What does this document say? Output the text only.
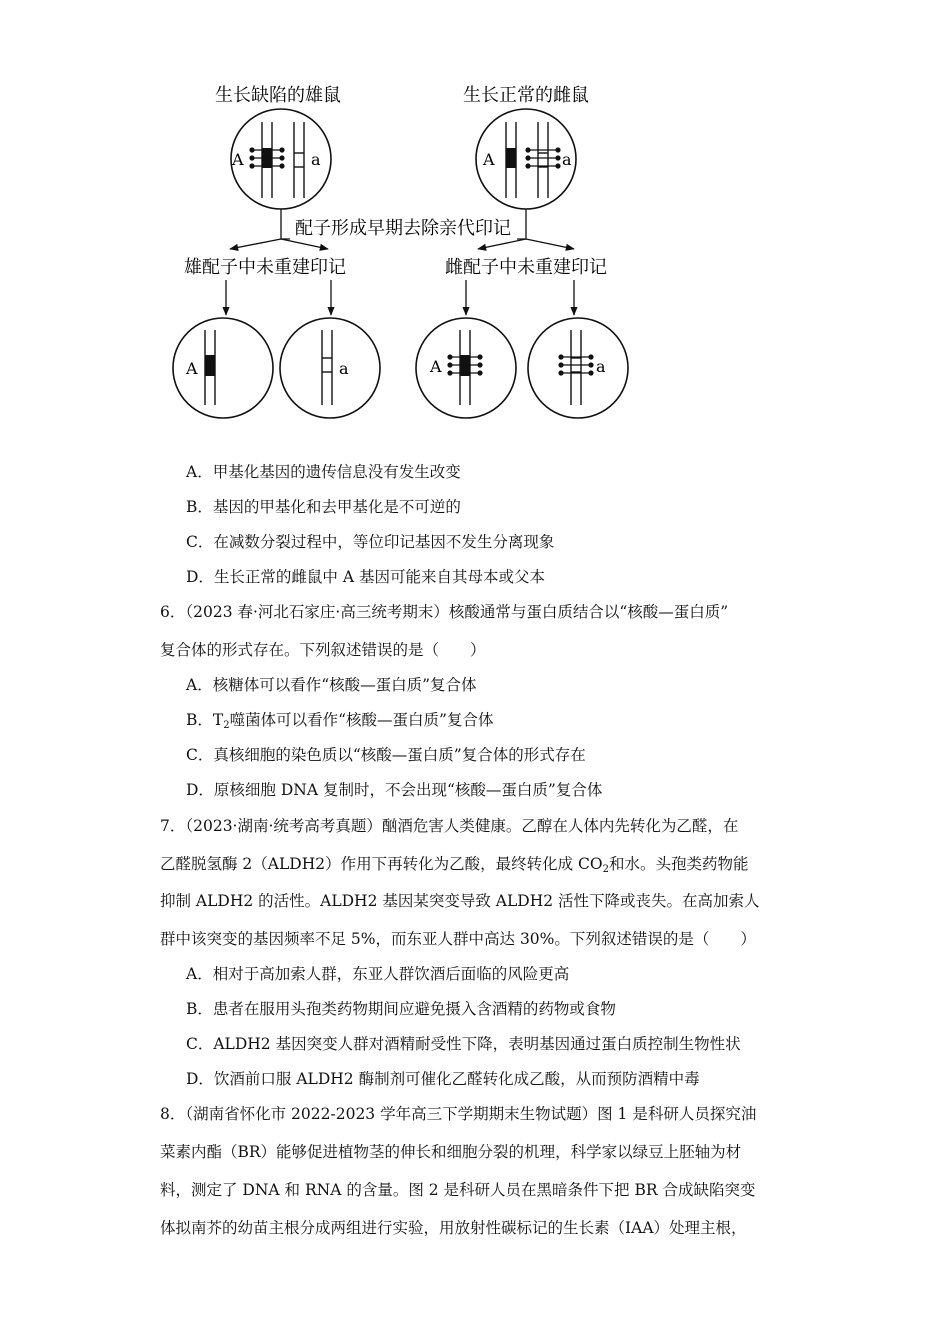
生长缺陷的雄鼠	生长正常的雌鼠
A	a	A	a
配子形成早期去除亲代印记
雄配子中未重建印记	雌配子中未重建印记
A	a	A	a
A．甲基化基因的遗传信息没有发生改变
B．基因的甲基化和去甲基化是不可逆的
C．在减数分裂过程中，等位印记基因不发生分离现象
D．生长正常的雌鼠中 A 基因可能来自其母本或父本
6．（2023 春·河北石家庄·高三统考期末）核酸通常与蛋白质结合以“核酸—蛋白质”
复合体的形式存在。下列叙述错误的是（　　）
A．核糖体可以看作“核酸—蛋白质”复合体
B．$T_2$噬菌体可以看作“核酸—蛋白质”复合体
C．真核细胞的染色质以“核酸—蛋白质”复合体的形式存在
D．原核细胞 DNA 复制时，不会出现“核酸—蛋白质”复合体
7．（2023·湖南·统考高考真题）酗酒危害人类健康。乙醇在人体内先转化为乙醛，在
乙醛脱氢酶 2（ALDH2）作用下再转化为乙酸，最终转化成 $CO_2$和水。头孢类药物能
抑制 ALDH2 的活性。ALDH2 基因某突变导致 ALDH2 活性下降或丧失。在高加索人
群中该突变的基因频率不足 5%，而东亚人群中高达 30%。下列叙述错误的是（　　）
A．相对于高加索人群，东亚人群饮酒后面临的风险更高
B．患者在服用头孢类药物期间应避免摄入含酒精的药物或食物
C．ALDH2 基因突变人群对酒精耐受性下降，表明基因通过蛋白质控制生物性状
D．饮酒前口服 ALDH2 酶制剂可催化乙醛转化成乙酸，从而预防酒精中毒
8．（湖南省怀化市 2022-2023 学年高三下学期期末生物试题）图 1 是科研人员探究油
菜素内酯（BR）能够促进植物茎的伸长和细胞分裂的机理，科学家以绿豆上胚轴为材
料，测定了 DNA 和 RNA 的含量。图 2 是科研人员在黑暗条件下把 BR 合成缺陷突变
体拟南芥的幼苗主根分成两组进行实验，用放射性碳标记的生长素（IAA）处理主根，
